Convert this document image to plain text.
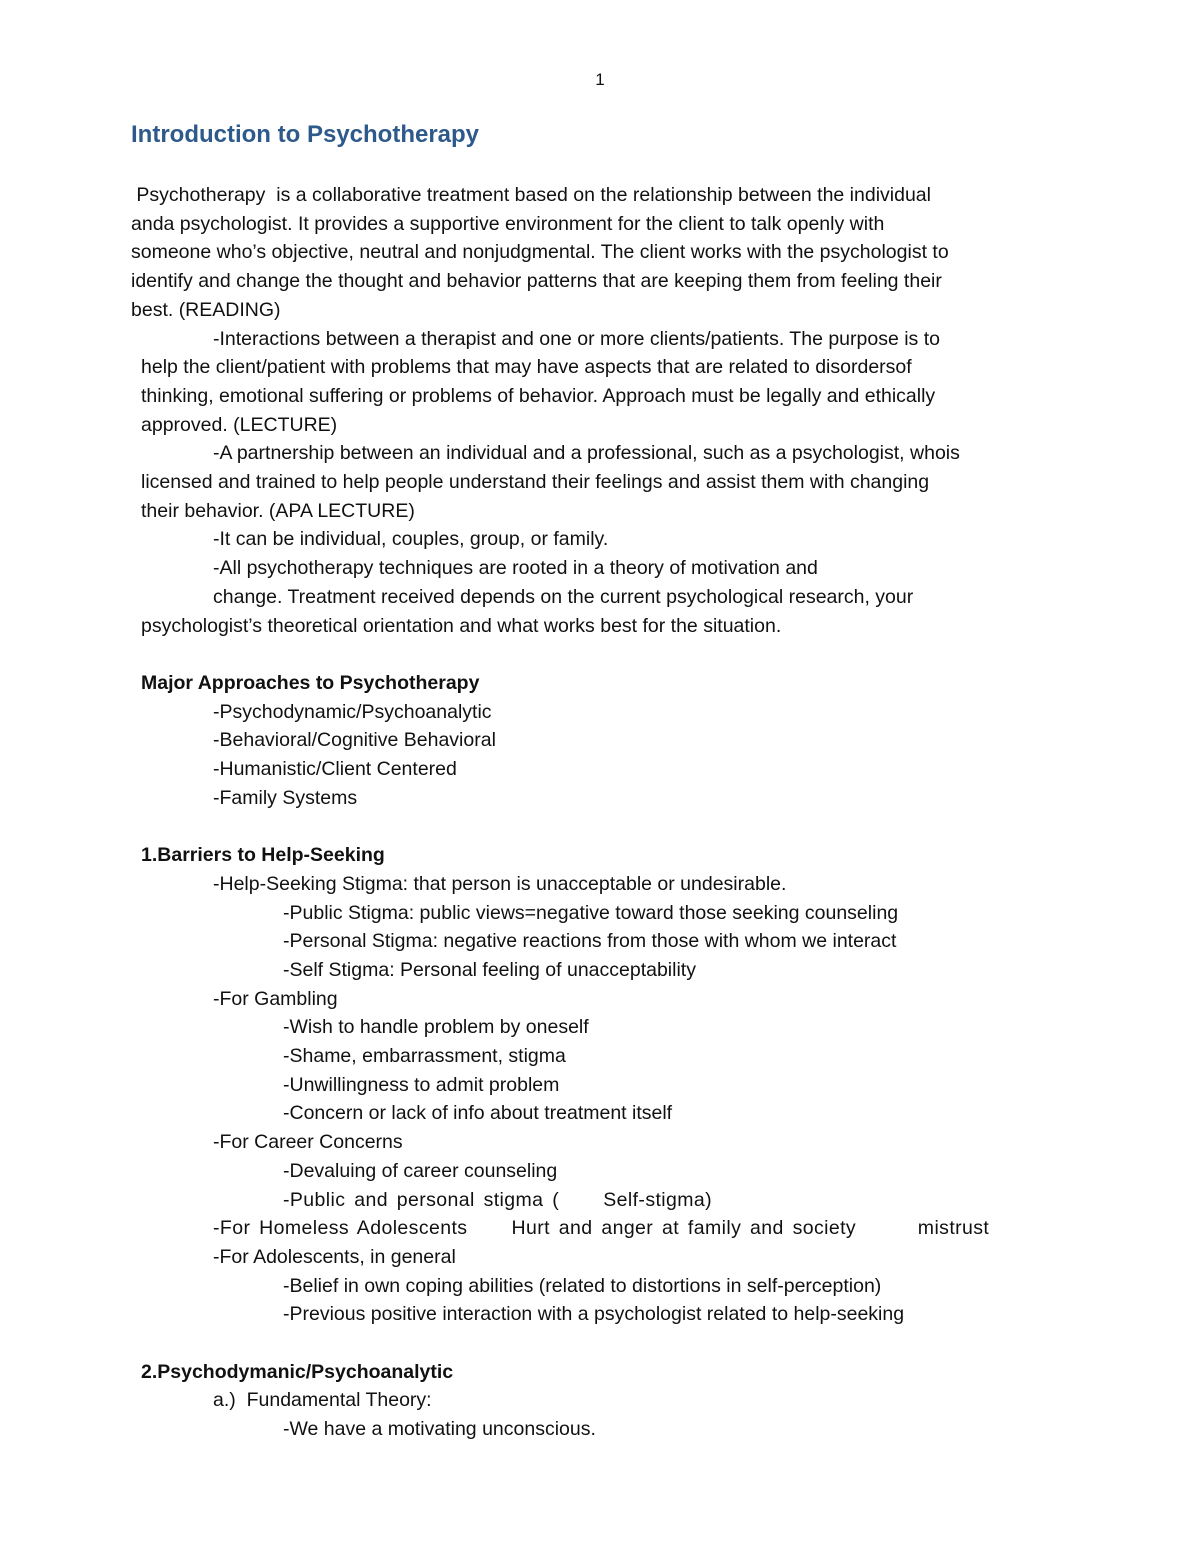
1
Introduction to Psychotherapy
Psychotherapy  is a collaborative treatment based on the relationship between the individual
anda psychologist. It provides a supportive environment for the client to talk openly with
someone who’s objective, neutral and nonjudgmental. The client works with the psychologist to
identify and change the thought and behavior patterns that are keeping them from feeling their
best. (READING)
-Interactions between a therapist and one or more clients/patients. The purpose is to
help the client/patient with problems that may have aspects that are related to disordersof
thinking, emotional suffering or problems of behavior. Approach must be legally and ethically
approved. (LECTURE)
-A partnership between an individual and a professional, such as a psychologist, whois
licensed and trained to help people understand their feelings and assist them with changing
their behavior. (APA LECTURE)
-It can be individual, couples, group, or family.
-All psychotherapy techniques are rooted in a theory of motivation and
change. Treatment received depends on the current psychological research, your
psychologist’s theoretical orientation and what works best for the situation.
Major Approaches to Psychotherapy
-Psychodynamic/Psychoanalytic
-Behavioral/Cognitive Behavioral
-Humanistic/Client Centered
-Family Systems
1.Barriers to Help-Seeking
-Help-Seeking Stigma: that person is unacceptable or undesirable.
-Public Stigma: public views=negative toward those seeking counseling
-Personal Stigma: negative reactions from those with whom we interact
-Self Stigma: Personal feeling of unacceptability
-For Gambling
-Wish to handle problem by oneself
-Shame, embarrassment, stigma
-Unwillingness to admit problem
-Concern or lack of info about treatment itself
-For Career Concerns
-Devaluing of career counseling
-Public and personal stigma (     Self-stigma)
-For Homeless Adolescents     Hurt and anger at family and society       mistrust
-For Adolescents, in general
-Belief in own coping abilities (related to distortions in self-perception)
-Previous positive interaction with a psychologist related to help-seeking
2.Psychodymanic/Psychoanalytic
a.)  Fundamental Theory:
-We have a motivating unconscious.
